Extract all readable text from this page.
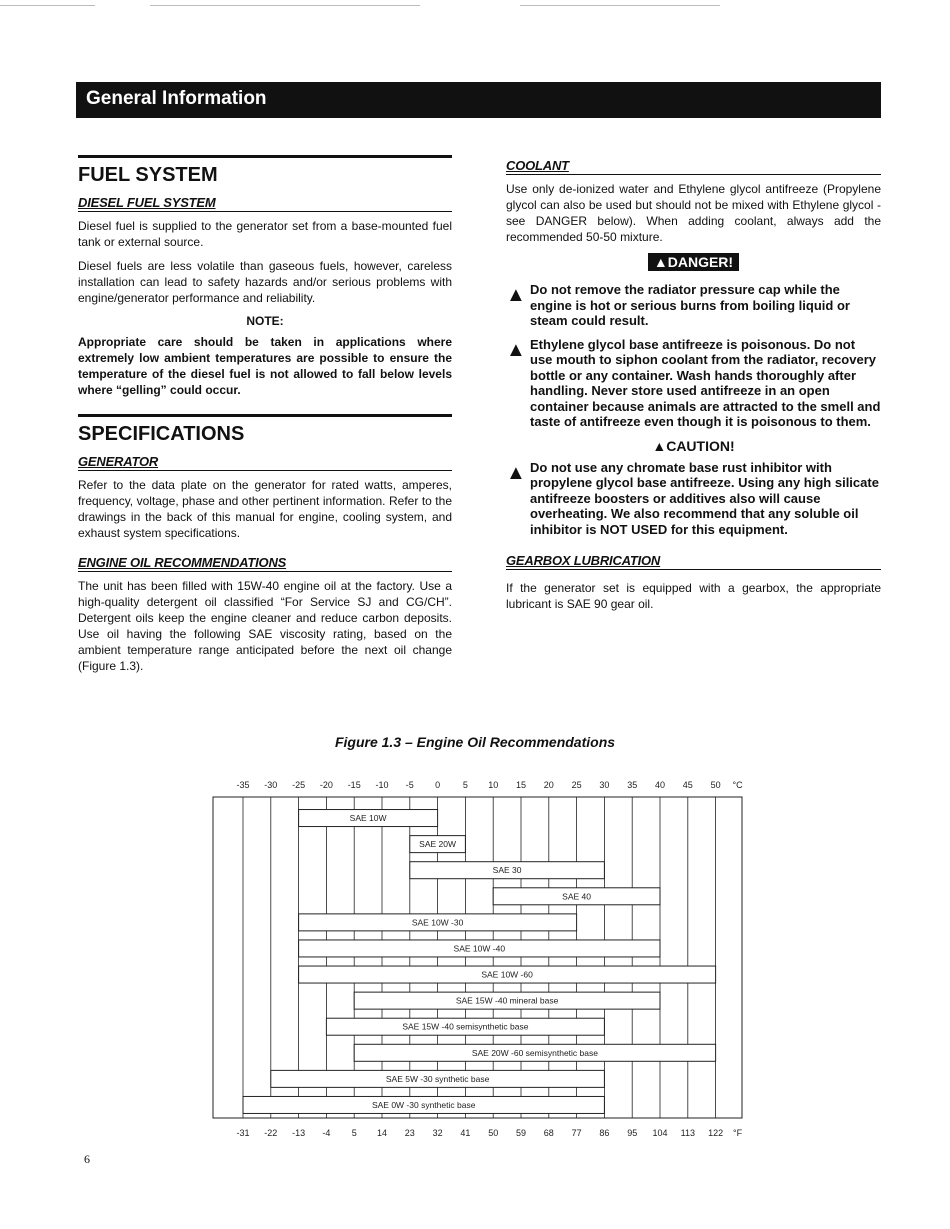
General Information
FUEL SYSTEM
DIESEL FUEL SYSTEM

Diesel fuel is supplied to the generator set from a base-mounted fuel tank or external source.

Diesel fuels are less volatile than gaseous fuels, however, careless installation can lead to safety hazards and/or serious problems with engine/generator performance and reliability.

NOTE:
Appropriate care should be taken in applications where extremely low ambient temperatures are possible to ensure the temperature of the diesel fuel is not allowed to fall below levels where “gelling” could occur.
SPECIFICATIONS
GENERATOR

Refer to the data plate on the generator for rated watts, amperes, frequency, voltage, phase and other pertinent information. Refer to the drawings in the back of this manual for engine, cooling system, and exhaust system specifications.

ENGINE OIL RECOMMENDATIONS

The unit has been filled with 15W-40 engine oil at the factory. Use a high-quality detergent oil classified “For Service SJ and CG/CH”. Detergent oils keep the engine cleaner and reduce carbon deposits. Use oil having the following SAE viscosity rating, based on the ambient temperature range anticipated before the next oil change (Figure 1.3).

COOLANT

Use only de-ionized water and Ethylene glycol antifreeze (Propylene glycol can also be used but should not be mixed with Ethylene glycol - see DANGER below). When adding coolant, always add the recommended 50-50 mixture.

▲DANGER!
▲ Do not remove the radiator pressure cap while the engine is hot or serious burns from boiling liquid or steam could result.
▲ Ethylene glycol base antifreeze is poisonous. Do not use mouth to siphon coolant from the radiator, recovery bottle or any container. Wash hands thoroughly after handling. Never store used antifreeze in an open container because animals are attracted to the smell and taste of antifreeze even though it is poisonous to them.
▲CAUTION!
▲ Do not use any chromate base rust inhibitor with propylene glycol base antifreeze. Using any high silicate antifreeze boosters or additives also will cause overheating. We also recommend that any soluble oil inhibitor is NOT USED for this equipment.
GEARBOX LUBRICATION

If the generator set is equipped with a gearbox, the appropriate lubricant is SAE 90 gear oil.

Figure 1.3 – Engine Oil Recommendations
-35 -30 -25 -20 -15 -10 -5 0	5 10 15 20 25 30 35 40 45 50 °C
-31 -22 -13 -4 5 14 23 32 41 50 59 68 77 86 95 104 113 122 °F
SAE 10W
SAE 20W
SAE 30
SAE 40
SAE 10W -30
SAE 10W -40
SAE 10W -60
SAE 15W -40 mineral base
SAE 15W -40 semisynthetic base
SAE 20W -60 semisynthetic base
SAE 5W -30 synthetic base
SAE 0W -30 synthetic base
6
